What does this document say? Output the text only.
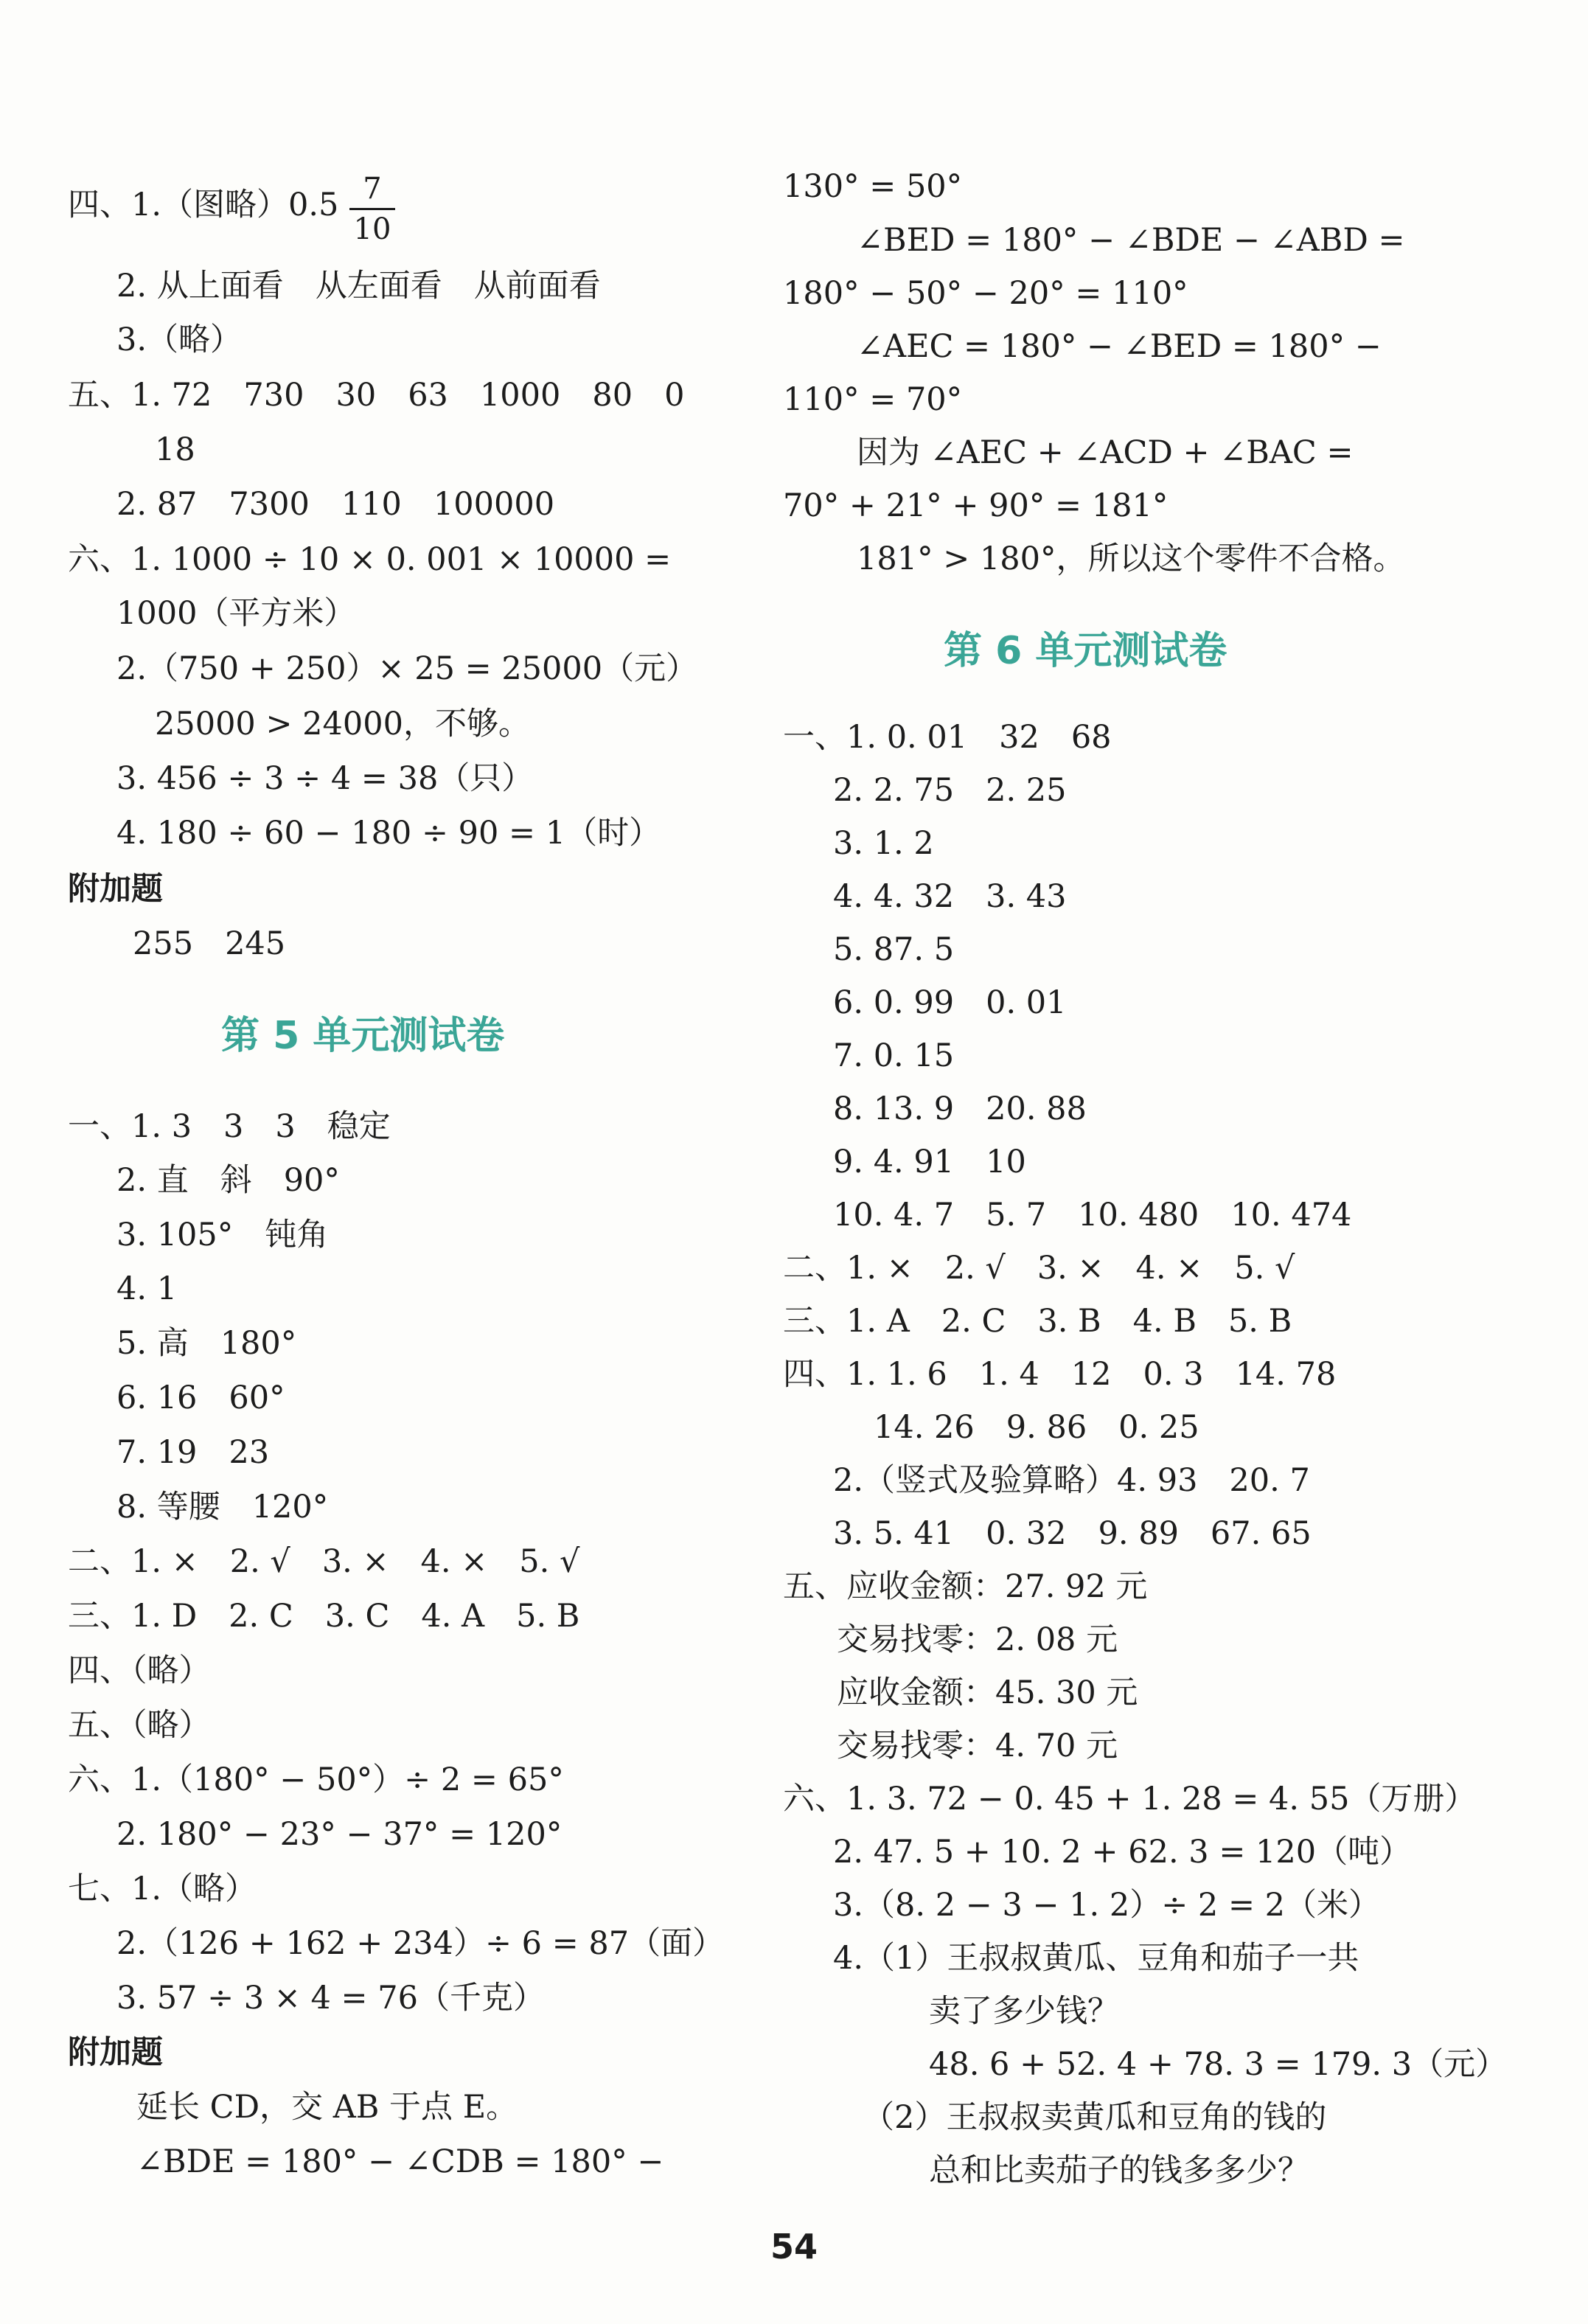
四、1.（图略）0.5 7
10
2. 从上面看　从左面看　从前面看
3.（略）
五、1. 72　730　30　63　1000　80　0
18
2. 87　7300　110　100000
六、1. 1000 ÷ 10 × 0. 001 × 10000 =
1000（平方米）
2.（750 + 250）× 25 = 25000（元）
25000 > 24000，不够。
3. 456 ÷ 3 ÷ 4 = 38（只）
4. 180 ÷ 60 − 180 ÷ 90 = 1（时）
附加题
255　245
第 5 单元测试卷
一、1. 3　3　3　稳定
2. 直　斜　90°
3. 105°　钝角
4. 1
5. 高　180°
6. 16　60°
7. 19　23
8. 等腰　120°
二、1. ×　2. √　3. ×　4. ×　5. √
三、1. D　2. C　3. C　4. A　5. B
四、（略）
五、（略）
六、1.（180° − 50°）÷ 2 = 65°
2. 180° − 23° − 37° = 120°
七、1.（略）
2.（126 + 162 + 234）÷ 6 = 87（面）
3. 57 ÷ 3 × 4 = 76（千克）
附加题
延长 CD，交 AB 于点 E。
∠BDE = 180° − ∠CDB = 180° −
130° = 50°
∠BED = 180° − ∠BDE − ∠ABD =
180° − 50° − 20° = 110°
∠AEC = 180° − ∠BED = 180° −
110° = 70°
因为 ∠AEC + ∠ACD + ∠BAC =
70° + 21° + 90° = 181°
181° > 180°，所以这个零件不合格。
第 6 单元测试卷
一、1. 0. 01　32　68
2. 2. 75　2. 25
3. 1. 2
4. 4. 32　3. 43
5. 87. 5
6. 0. 99　0. 01
7. 0. 15
8. 13. 9　20. 88
9. 4. 91　10
10. 4. 7　5. 7　10. 480　10. 474
二、1. ×　2. √　3. ×　4. ×　5. √
三、1. A　2. C　3. B　4. B　5. B
四、1. 1. 6　1. 4　12　0. 3　14. 78
14. 26　9. 86　0. 25
2.（竖式及验算略）4. 93　20. 7
3. 5. 41　0. 32　9. 89　67. 65
五、应收金额：27. 92 元
交易找零：2. 08 元
应收金额：45. 30 元
交易找零：4. 70 元
六、1. 3. 72 − 0. 45 + 1. 28 = 4. 55（万册）
2. 47. 5 + 10. 2 + 62. 3 = 120（吨）
3.（8. 2 − 3 − 1. 2）÷ 2 = 2（米）
4.（1）王叔叔黄瓜、豆角和茄子一共
卖了多少钱？
48. 6 + 52. 4 + 78. 3 = 179. 3（元）
（2）王叔叔卖黄瓜和豆角的钱的
总和比卖茄子的钱多多少？
54
